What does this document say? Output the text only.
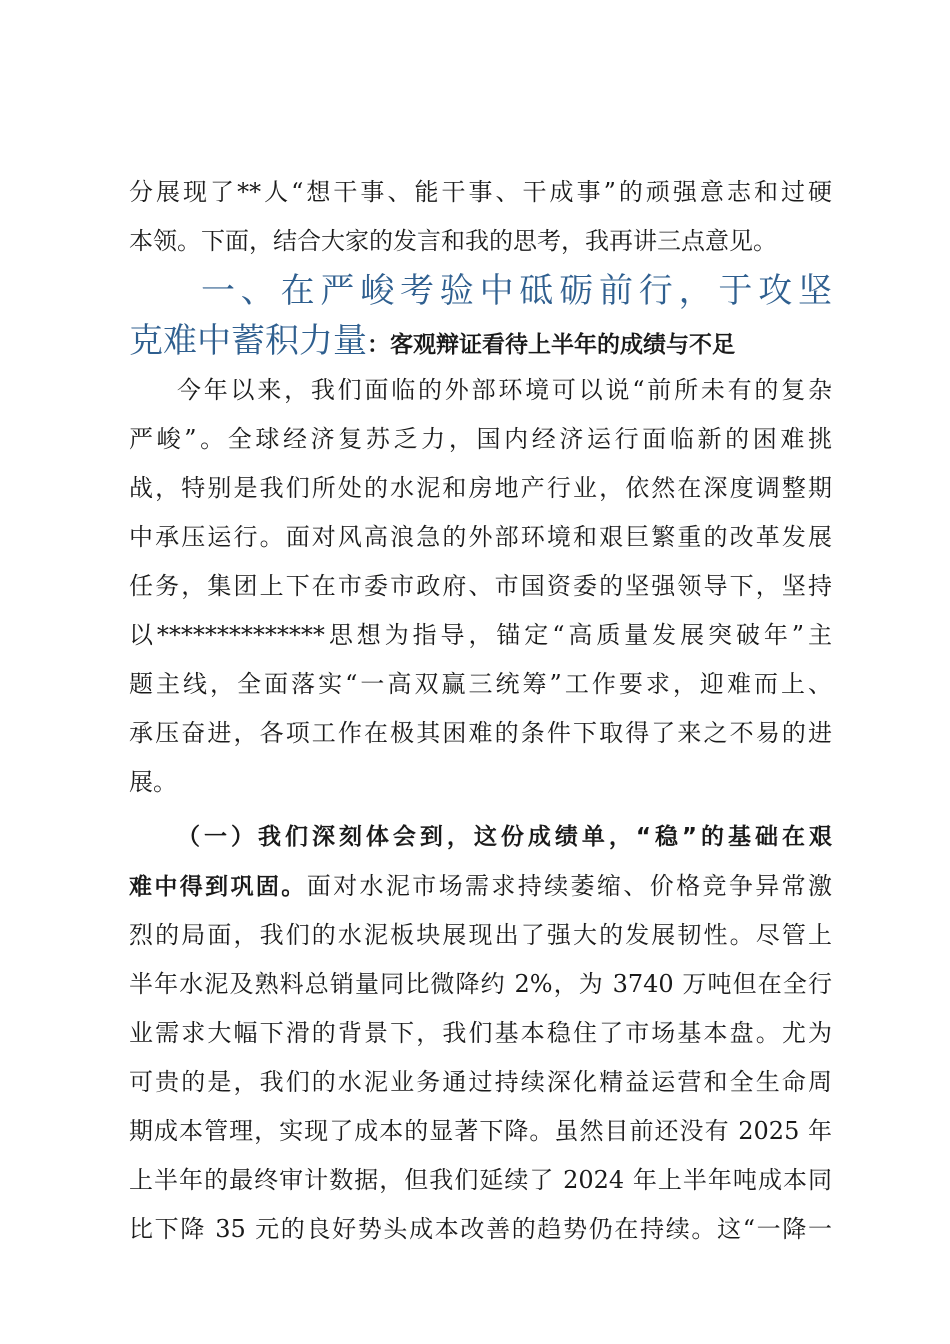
分展现了**人“想干事、能干事、干成事”的顽强意志和过硬
本领。下面，结合大家的发言和我的思考，我再讲三点意见。
一、在严峻考验中砥砺前行，于攻坚
克难中蓄积力量：客观辩证看待上半年的成绩与不足
今年以来，我们面临的外部环境可以说“前所未有的复杂
严峻”。全球经济复苏乏力，国内经济运行面临新的困难挑
战，特别是我们所处的水泥和房地产行业，依然在深度调整期
中承压运行。面对风高浪急的外部环境和艰巨繁重的改革发展
任务，集团上下在市委市政府、市国资委的坚强领导下，坚持
以**************思想为指导，锚定“高质量发展突破年”主
题主线，全面落实“一高双赢三统筹”工作要求，迎难而上、
承压奋进，各项工作在极其困难的条件下取得了来之不易的进
展。
（一）我们深刻体会到，这份成绩单，“稳”的基础在艰
难中得到巩固。面对水泥市场需求持续萎缩、价格竞争异常激
烈的局面，我们的水泥板块展现出了强大的发展韧性。尽管上
半年水泥及熟料总销量同比微降约 2%，为 3740 万吨但在全行
业需求大幅下滑的背景下，我们基本稳住了市场基本盘。尤为
可贵的是，我们的水泥业务通过持续深化精益运营和全生命周
期成本管理，实现了成本的显著下降。虽然目前还没有 2025 年
上半年的最终审计数据，但我们延续了 2024 年上半年吨成本同
比下降 35 元的良好势头成本改善的趋势仍在持续。这“一降一
